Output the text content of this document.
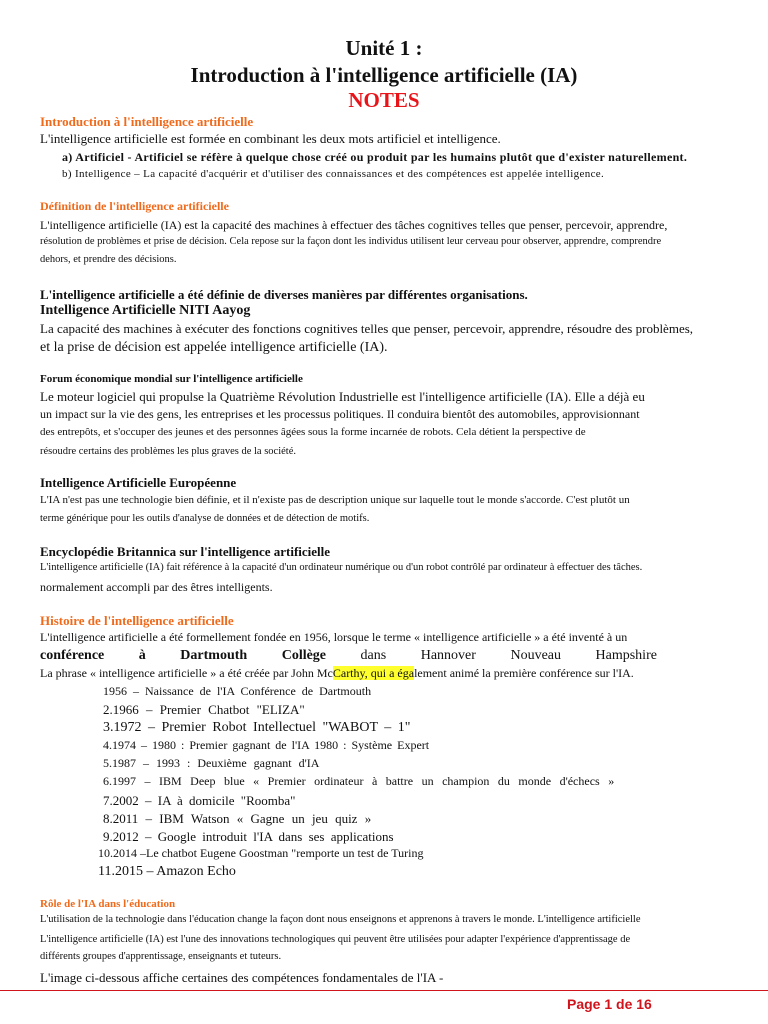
Unité 1 :
Introduction à l'intelligence artificielle (IA)
NOTES
Introduction à l'intelligence artificielle
L'intelligence artificielle est formée en combinant les deux mots artificiel et intelligence.
a) Artificiel - Artificiel se réfère à quelque chose créé ou produit par les humains plutôt que d'exister naturellement.
b) Intelligence – La capacité d'acquérir et d'utiliser des connaissances et des compétences est appelée intelligence.
Définition de l'intelligence artificielle
L'intelligence artificielle (IA) est la capacité des machines à effectuer des tâches cognitives telles que penser, percevoir, apprendre,
résolution de problèmes et prise de décision. Cela repose sur la façon dont les individus utilisent leur cerveau pour observer, apprendre, comprendre
dehors, et prendre des décisions.
L'intelligence artificielle a été définie de diverses manières par différentes organisations.
Intelligence Artificielle NITI Aayog
La capacité des machines à exécuter des fonctions cognitives telles que penser, percevoir, apprendre, résoudre des problèmes,
et la prise de décision est appelée intelligence artificielle (IA).
Forum économique mondial sur l'intelligence artificielle
Le moteur logiciel qui propulse la Quatrième Révolution Industrielle est l'intelligence artificielle (IA). Elle a déjà eu
un impact sur la vie des gens, les entreprises et les processus politiques. Il conduira bientôt des automobiles, approvisionnant
des entrepôts, et s'occuper des jeunes et des personnes âgées sous la forme incarnée de robots. Cela détient la perspective de
résoudre certains des problèmes les plus graves de la société.
Intelligence Artificielle Européenne
L'IA n'est pas une technologie bien définie, et il n'existe pas de description unique sur laquelle tout le monde s'accorde. C'est plutôt un
terme générique pour les outils d'analyse de données et de détection de motifs.
Encyclopédie Britannica sur l'intelligence artificielle
L'intelligence artificielle (IA) fait référence à la capacité d'un ordinateur numérique ou d'un robot contrôlé par ordinateur à effectuer des tâches.
normalement accompli par des êtres intelligents.
Histoire de l'intelligence artificielle
L'intelligence artificielle a été formellement fondée en 1956, lorsque le terme « intelligence artificielle » a été inventé à un
conférence à Dartmouth Collège dans Hannover Nouveau Hampshire
La phrase « intelligence artificielle » a été créée par John McCarthy, qui a également animé la première conférence sur l'IA.
1956 – Naissance de l'IA Conférence de Dartmouth
2.1966 – Premier Chatbot "ELIZA"
3.1972 – Premier Robot Intellectuel "WABOT – 1"
4.1974 – 1980 : Premier gagnant de l'IA 1980 : Système Expert
5.1987 – 1993 : Deuxième gagnant d'IA
6.1997 – IBM Deep blue « Premier ordinateur à battre un champion du monde d'échecs »
7.2002 – IA à domicile "Roomba"
8.2011 – IBM Watson « Gagne un jeu quiz »
9.2012 – Google introduit l'IA dans ses applications
10.2014 –Le chatbot Eugene Goostman "remporte un test de Turing
11.2015 – Amazon Echo
Rôle de l'IA dans l'éducation
L'utilisation de la technologie dans l'éducation change la façon dont nous enseignons et apprenons à travers le monde. L'intelligence artificielle
L'intelligence artificielle (IA) est l'une des innovations technologiques qui peuvent être utilisées pour adapter l'expérience d'apprentissage de
différents groupes d'apprentissage, enseignants et tuteurs.
L'image ci-dessous affiche certaines des compétences fondamentales de l'IA -
Page 1 de 16
